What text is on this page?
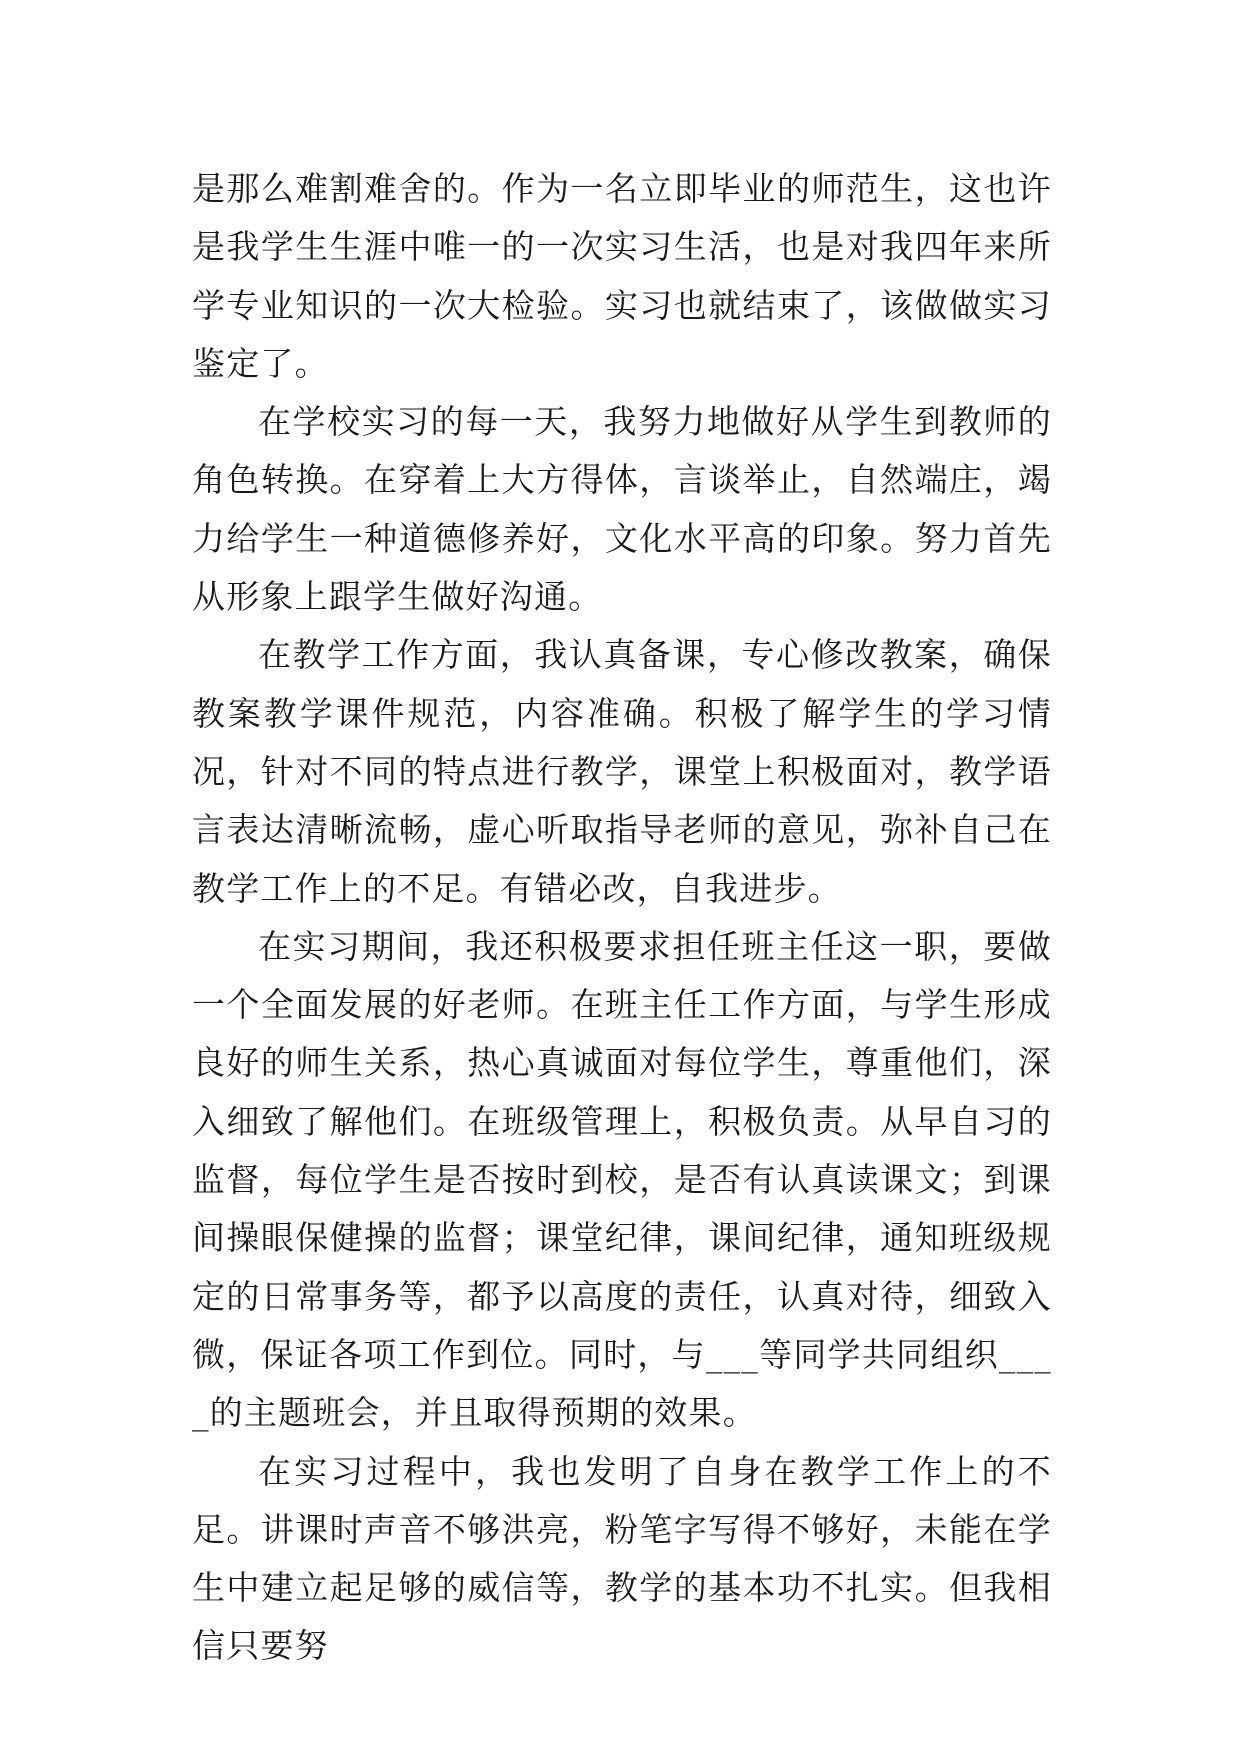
是那么难割难舍的。作为一名立即毕业的师范生，这也许是我学生生涯中唯一的一次实习生活，也是对我四年来所学专业知识的一次大检验。实习也就结束了，该做做实习鉴定了。

在学校实习的每一天，我努力地做好从学生到教师的角色转换。在穿着上大方得体，言谈举止，自然端庄，竭力给学生一种道德修养好，文化水平高的印象。努力首先从形象上跟学生做好沟通。

在教学工作方面，我认真备课，专心修改教案，确保教案教学课件规范，内容准确。积极了解学生的学习情况，针对不同的特点进行教学，课堂上积极面对，教学语言表达清晰流畅，虚心听取指导老师的意见，弥补自己在教学工作上的不足。有错必改，自我进步。

在实习期间，我还积极要求担任班主任这一职，要做一个全面发展的好老师。在班主任工作方面，与学生形成良好的师生关系，热心真诚面对每位学生，尊重他们，深入细致了解他们。在班级管理上，积极负责。从早自习的监督，每位学生是否按时到校，是否有认真读课文；到课间操眼保健操的监督；课堂纪律，课间纪律，通知班级规定的日常事务等，都予以高度的责任，认真对待，细致入微，保证各项工作到位。同时，与___等同学共同组织____的主题班会，并且取得预期的效果。

在实习过程中，我也发明了自身在教学工作上的不足。讲课时声音不够洪亮，粉笔字写得不够好，未能在学生中建立起足够的威信等，教学的基本功不扎实。但我相信只要努
